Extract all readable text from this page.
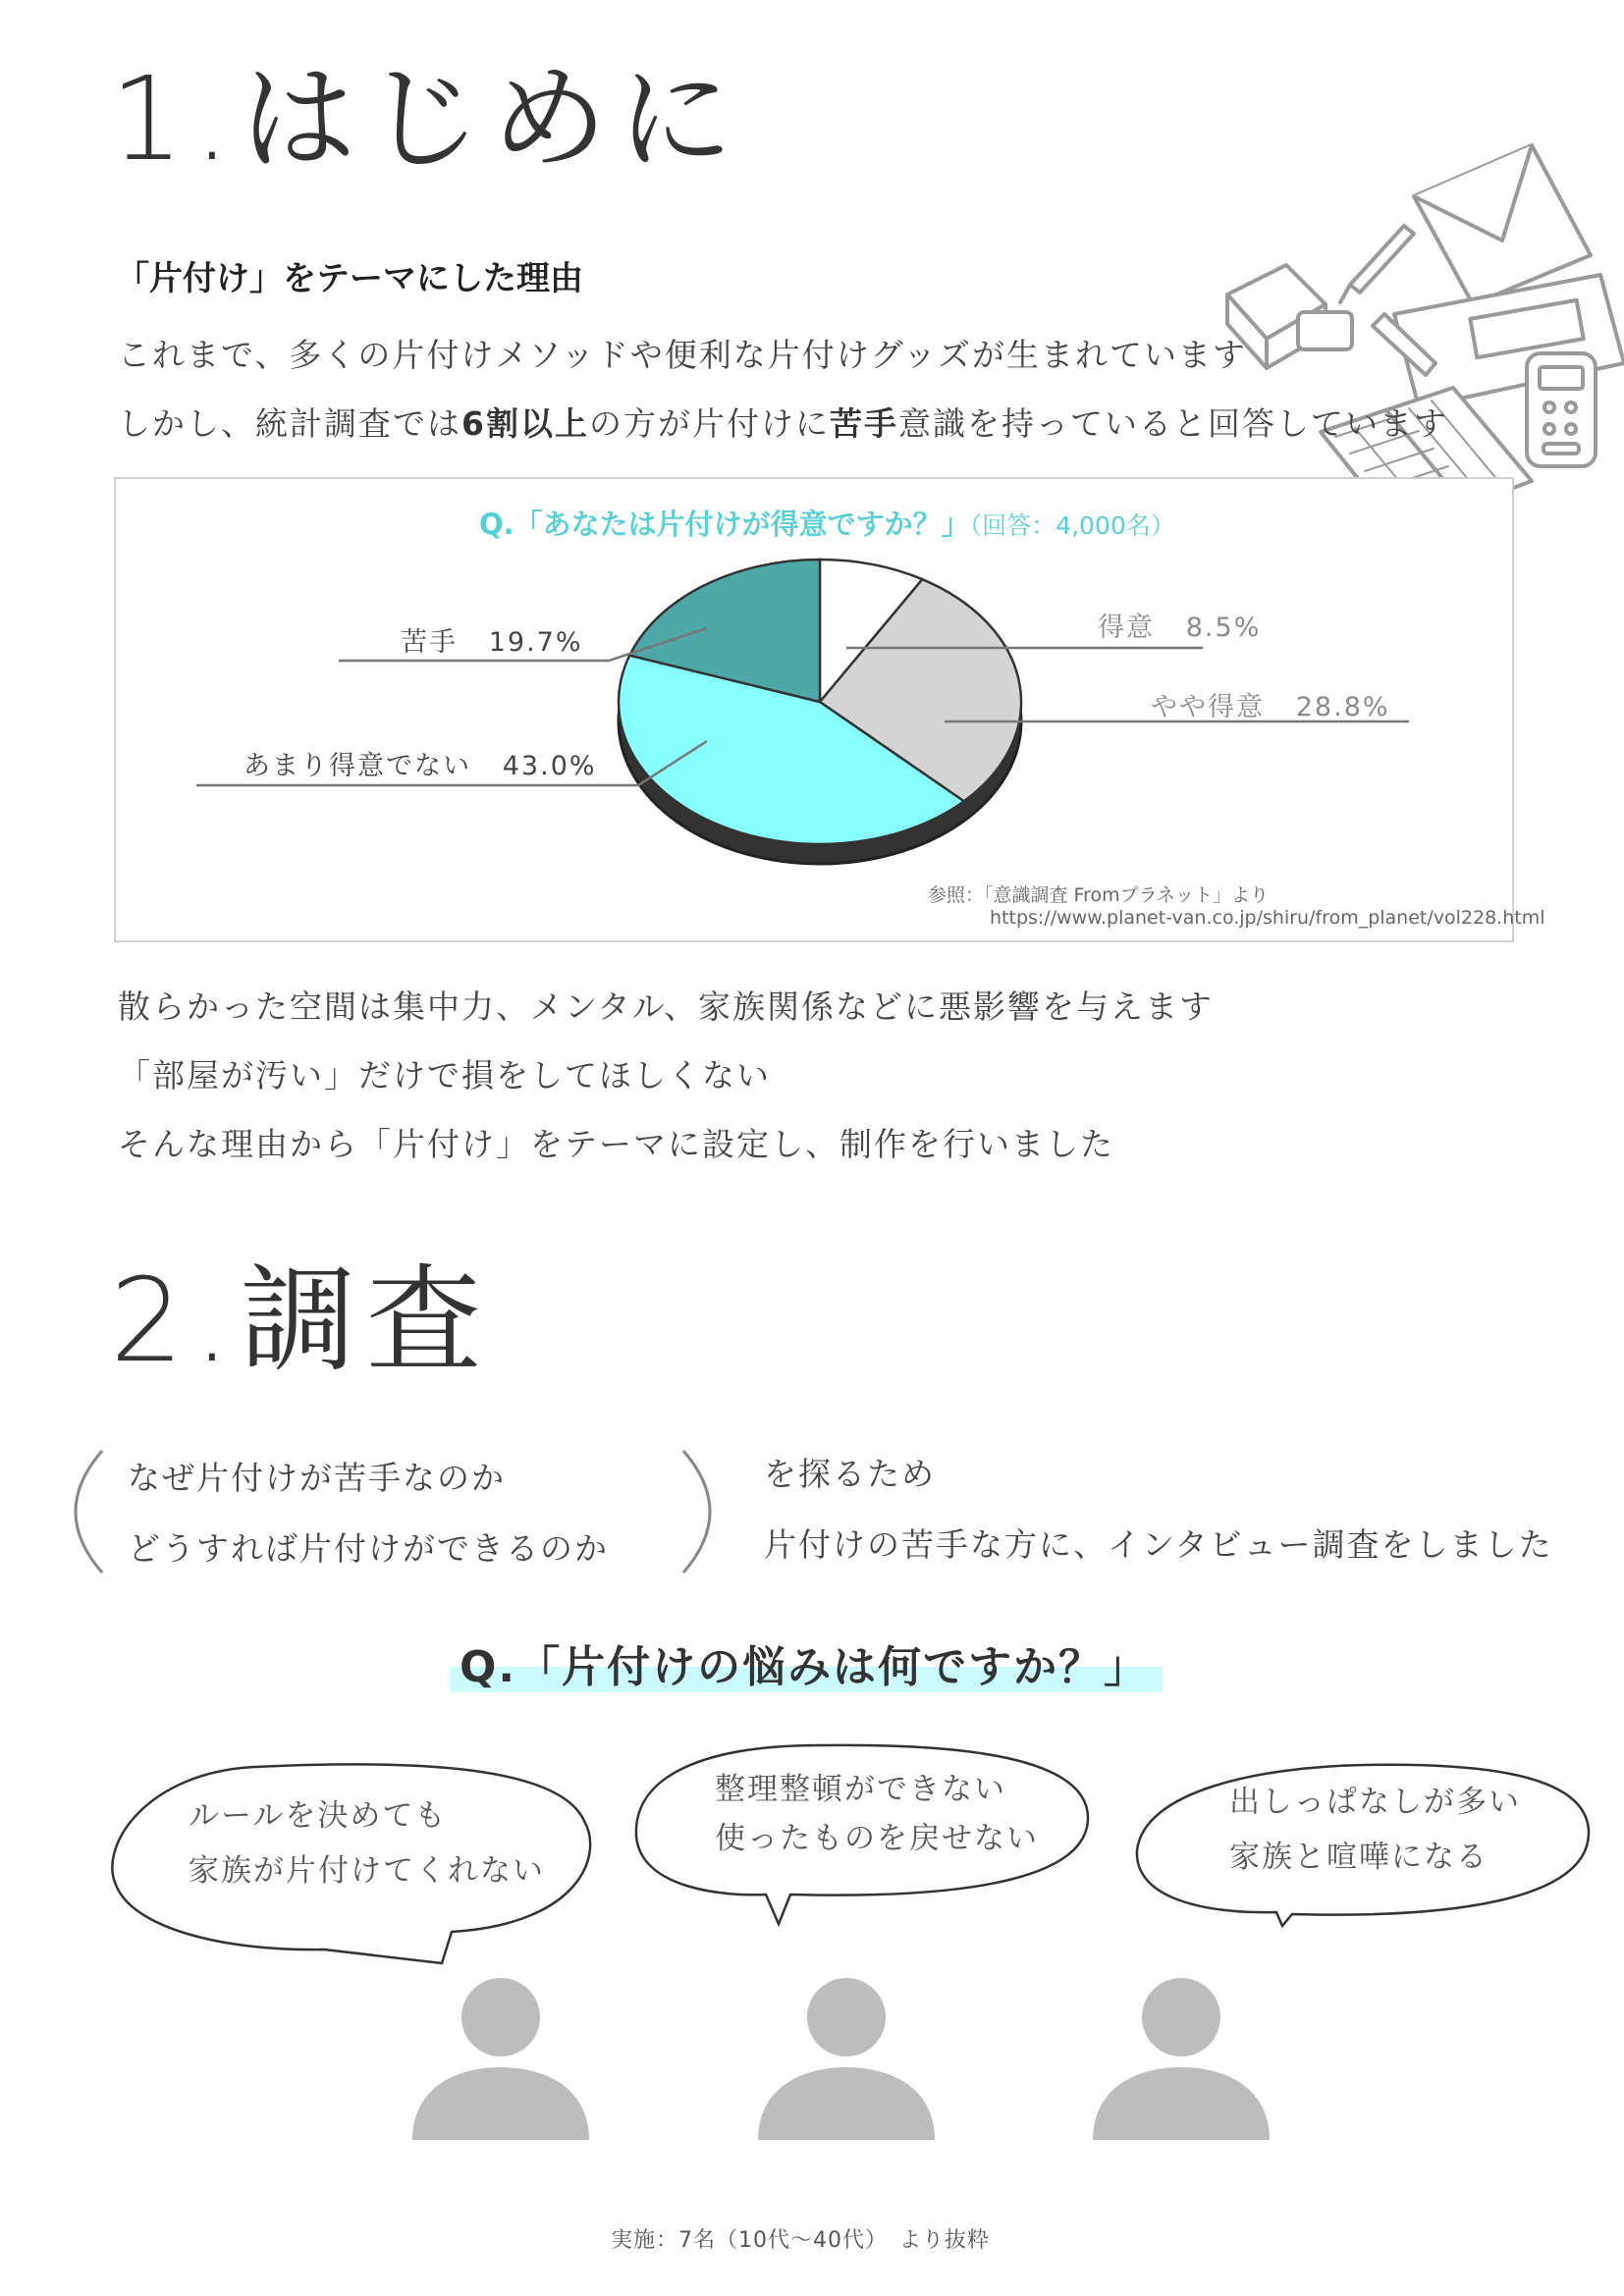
1.はじめに
「片付け」をテーマにした理由
これまで、多くの片付けメソッドや便利な片付けグッズが生まれています
しかし、統計調査では6割以上の方が片付けに苦手意識を持っていると回答しています
Q.「あなたは片付けが得意ですか？」（回答：4,000名）
得意 8.5%
やや得意 28.8%
苦手 19.7%
あまり得意でない 43.0%
参照：「意識調査 Fromプラネット」より
https://www.planet-van.co.jp/shiru/from_planet/vol228.html
散らかった空間は集中力、メンタル、家族関係などに悪影響を与えます
「部屋が汚い」だけで損をしてほしくない
そんな理由から「片付け」をテーマに設定し、制作を行いました
2.調査
なぜ片付けが苦手なのか
どうすれば片付けができるのか
を探るため
片付けの苦手な方に、インタビュー調査をしました
Q.「片付けの悩みは何ですか？」
ルールを決めても
家族が片付けてくれない
整理整頓ができない
使ったものを戻せない
出しっぱなしが多い
家族と喧嘩になる
実施：7名（10代〜40代）　より抜粋
